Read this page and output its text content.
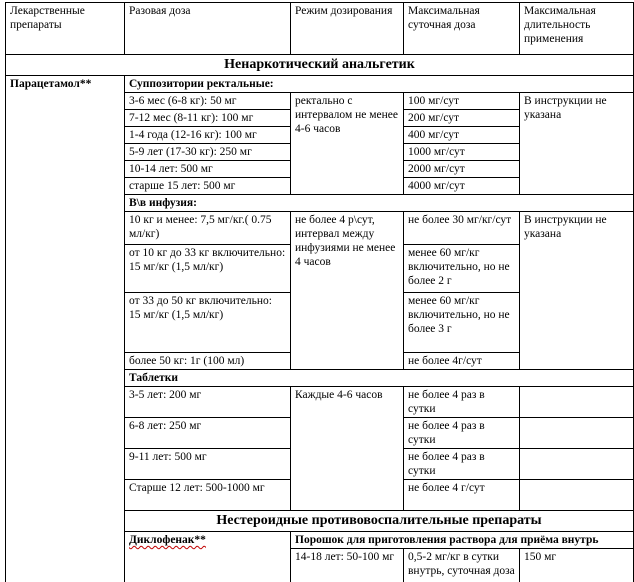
Лекарственные препараты	Разовая доза	Режим дозирования	Максимальная суточная доза	Максимальная длительность применения	
Ненаркотический анальгетик					
Парацетамол**	Суппозитории ректальные:				
	3-6 мес (6-8 кг): 50 мг	ректально с интервалом не менее 4-6 часов	100 мг/сут	В инструкции не указана	
	7-12 мес (8-11 кг): 100 мг		200 мг/сут		
	1-4 года (12-16 кг): 100 мг		400 мг/сут		
	5-9 лет (17-30 кг): 250 мг		1000 мг/сут		
	10-14 лет: 500 мг		2000 мг/сут		
	старше 15 лет: 500 мг		4000 мг/сут		
	В\в инфузия:				
	10 кг и менее: 7,5 мг/кг.( 0.75 мл/кг)	не более 4 р\сут, интервал между инфузиями не менее 4 часов	не более 30 мг/кг/сут	В инструкции не указана	
	от 10 кг до 33 кг включительно: 15 мг/кг (1,5 мл/кг)		менее 60 мг/кг включительно, но не более 2 г		
	от 33 до 50 кг включительно: 15 мг/кг (1,5 мл/кг)		менее 60 мг/кг включительно, но не более 3 г		
	более 50 кг: 1г (100 мл)		не более 4г/сут		
	Таблетки				
	3-5 лет: 200 мг	Каждые 4-6 часов	не более 4 раз в сутки		
	6-8 лет: 250 мг		не более 4 раз в сутки		
	9-11 лет: 500 мг		не более 4 раз в сутки		
	Старше 12 лет: 500-1000 мг		не более 4 г/сут		
	Нестероидные противовоспалительные препараты				
	Диклофенак**	Порошок для приготовления раствора для приёма внутрь			
		14-18 лет: 50-100 мг	0,5-2 мг/кг в сутки внутрь, суточная доза	150 мг	
